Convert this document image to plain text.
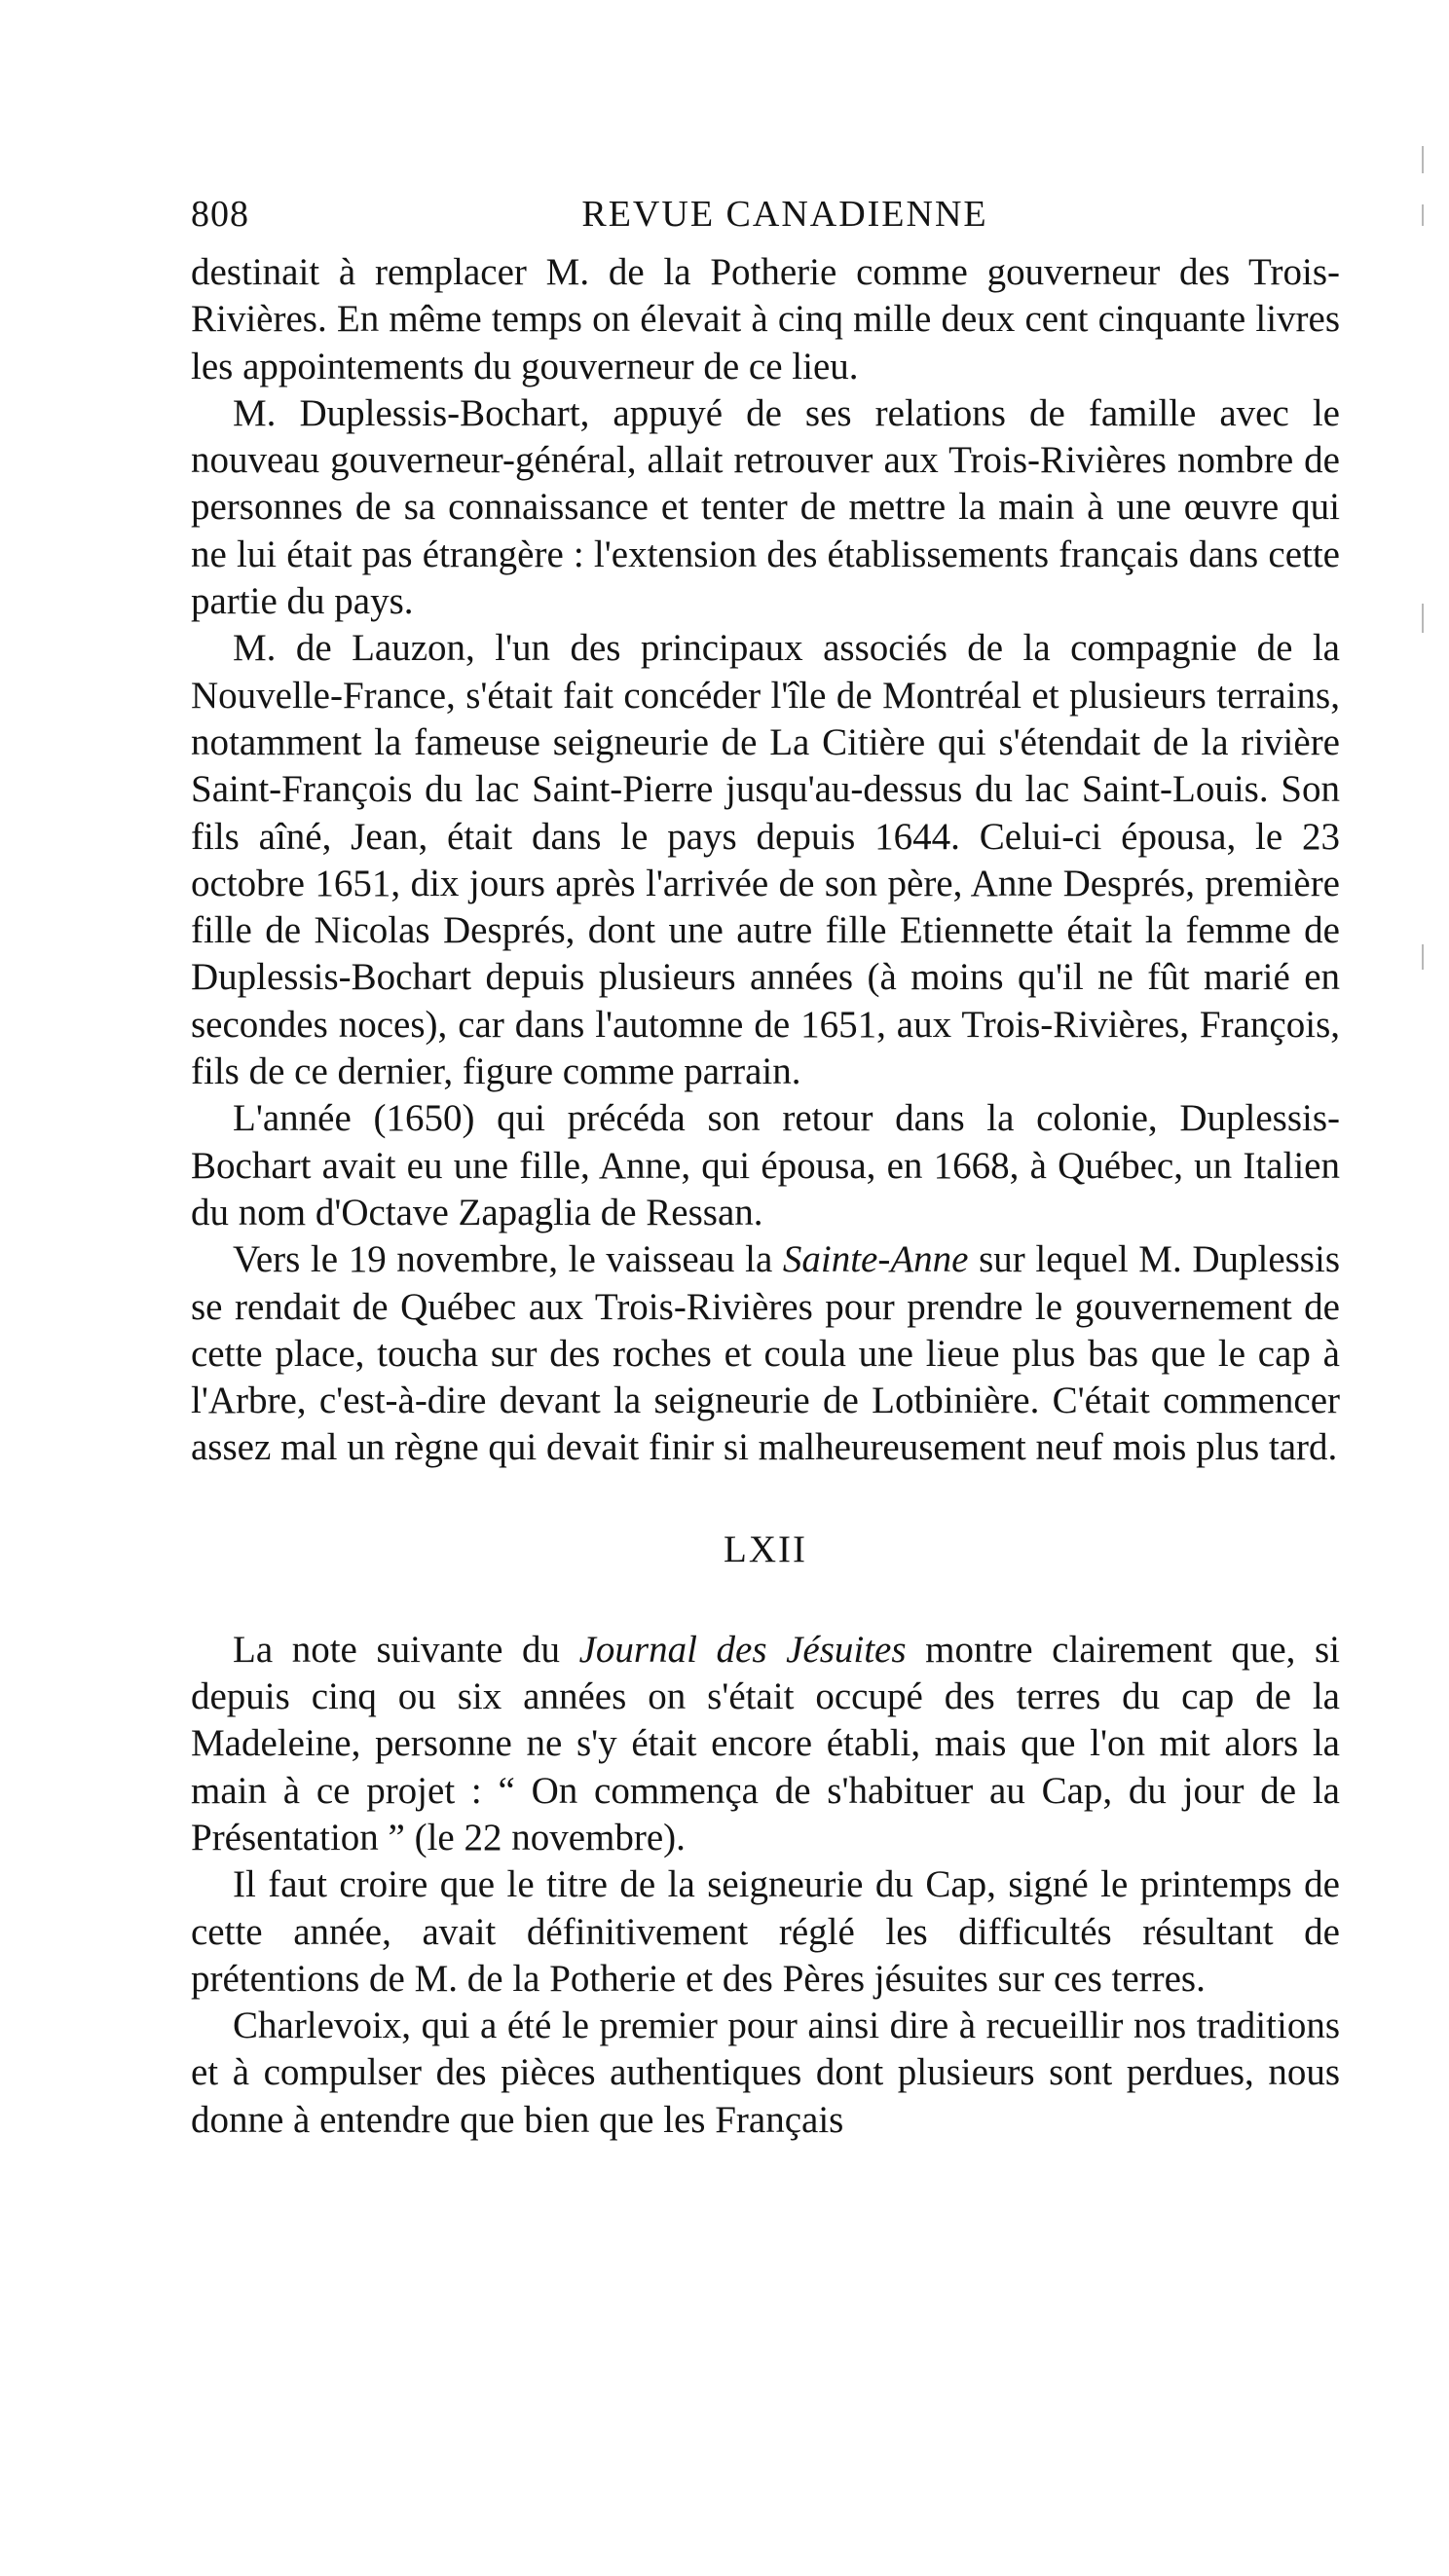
808	REVUE CANADIENNE

destinait à remplacer M. de la Potherie comme gouverneur des Trois-Rivières. En même temps on élevait à cinq mille deux cent cinquante livres les appointements du gouverneur de ce lieu.

M. Duplessis-Bochart, appuyé de ses relations de famille avec le nouveau gouverneur-général, allait retrouver aux Trois-Rivières nombre de personnes de sa connaissance et tenter de mettre la main à une œuvre qui ne lui était pas étrangère : l'extension des établissements français dans cette partie du pays.

M. de Lauzon, l'un des principaux associés de la compagnie de la Nouvelle-France, s'était fait concéder l'île de Montréal et plusieurs terrains, notamment la fameuse seigneurie de La Citière qui s'étendait de la rivière Saint-François du lac Saint-Pierre jusqu'au-dessus du lac Saint-Louis. Son fils aîné, Jean, était dans le pays depuis 1644. Celui-ci épousa, le 23 octobre 1651, dix jours après l'arrivée de son père, Anne Després, première fille de Nicolas Després, dont une autre fille Etiennette était la femme de Duplessis-Bochart depuis plusieurs années (à moins qu'il ne fût marié en secondes noces), car dans l'automne de 1651, aux Trois-Rivières, François, fils de ce dernier, figure comme parrain.

L'année (1650) qui précéda son retour dans la colonie, Duplessis-Bochart avait eu une fille, Anne, qui épousa, en 1668, à Québec, un Italien du nom d'Octave Zapaglia de Ressan.

Vers le 19 novembre, le vaisseau la Sainte-Anne sur lequel M. Duplessis se rendait de Québec aux Trois-Rivières pour prendre le gouvernement de cette place, toucha sur des roches et coula une lieue plus bas que le cap à l'Arbre, c'est-à-dire devant la seigneurie de Lotbinière. C'était commencer assez mal un règne qui devait finir si malheureusement neuf mois plus tard.

LXII

La note suivante du Journal des Jésuites montre clairement que, si depuis cinq ou six années on s'était occupé des terres du cap de la Madeleine, personne ne s'y était encore établi, mais que l'on mit alors la main à ce projet : “ On commença de s'habituer au Cap, du jour de la Présentation ” (le 22 novembre).

Il faut croire que le titre de la seigneurie du Cap, signé le printemps de cette année, avait définitivement réglé les difficultés résultant de prétentions de M. de la Potherie et des Pères jésuites sur ces terres.

Charlevoix, qui a été le premier pour ainsi dire à recueillir nos traditions et à compulser des pièces authentiques dont plusieurs sont perdues, nous donne à entendre que bien que les Français
